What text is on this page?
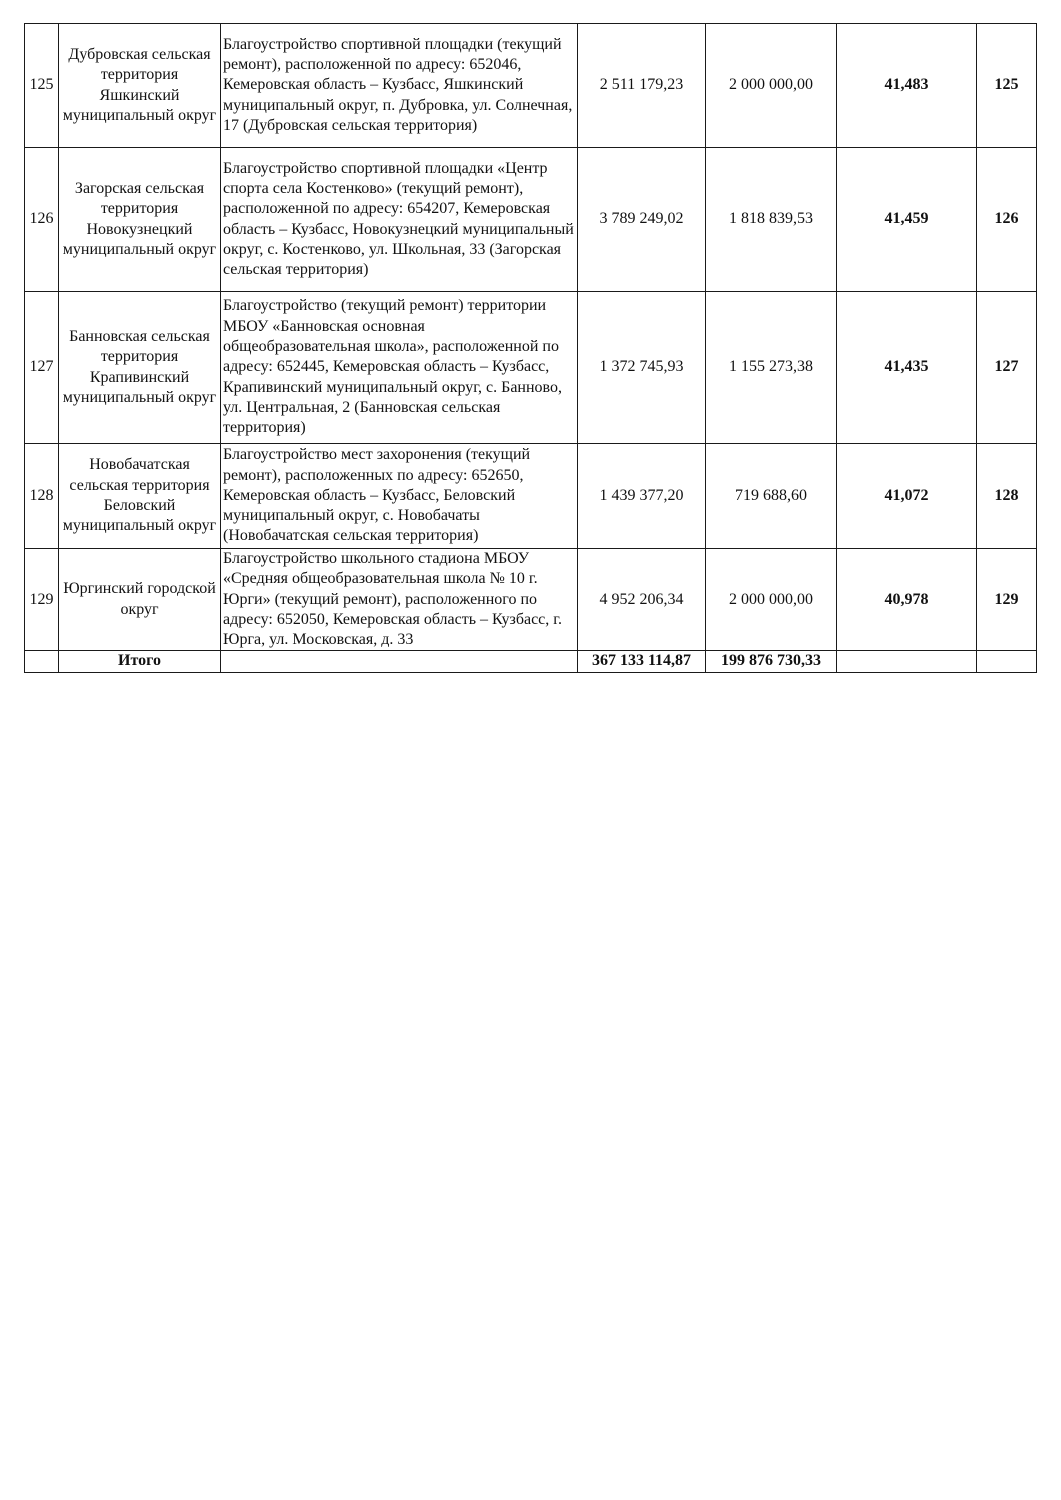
125	Дубровская сельская территория Яшкинский муниципальный округ	Благоустройство спортивной площадки (текущий ремонт), расположенной по адресу: 652046, Кемеровская область – Кузбасс, Яшкинский муниципальный округ, п. Дубровка, ул. Солнечная, 17 (Дубровская сельская территория)	2 511 179,23	2 000 000,00	41,483	125
126	Загорская сельская территория Новокузнецкий муниципальный округ	Благоустройство спортивной площадки «Центр спорта села Костенково» (текущий ремонт), расположенной по адресу: 654207, Кемеровская область – Кузбасс, Новокузнецкий муниципальный округ, с. Костенково, ул. Школьная, 33 (Загорская сельская территория)	3 789 249,02	1 818 839,53	41,459	126
127	Банновская сельская территория Крапивинский муниципальный округ	Благоустройство (текущий ремонт) территории МБОУ «Банновская основная общеобразовательная школа», расположенной по адресу: 652445, Кемеровская область – Кузбасс, Крапивинский муниципальный округ, с. Банново, ул. Центральная, 2 (Банновская сельская территория)	1 372 745,93	1 155 273,38	41,435	127
128	Новобачатская сельская территория Беловский муниципальный округ	Благоустройство мест захоронения (текущий ремонт), расположенных по адресу: 652650, Кемеровская область – Кузбасс, Беловский муниципальный округ, с. Новобачаты (Новобачатская сельская территория)	1 439 377,20	719 688,60	41,072	128
129	Юргинский городской округ	Благоустройство школьного стадиона МБОУ «Средняя общеобразовательная школа № 10 г. Юрги» (текущий ремонт), расположенного по адресу: 652050, Кемеровская область – Кузбасс, г. Юрга, ул. Московская, д. 33	4 952 206,34	2 000 000,00	40,978	129
	Итого		367 133 114,87	199 876 730,33		
